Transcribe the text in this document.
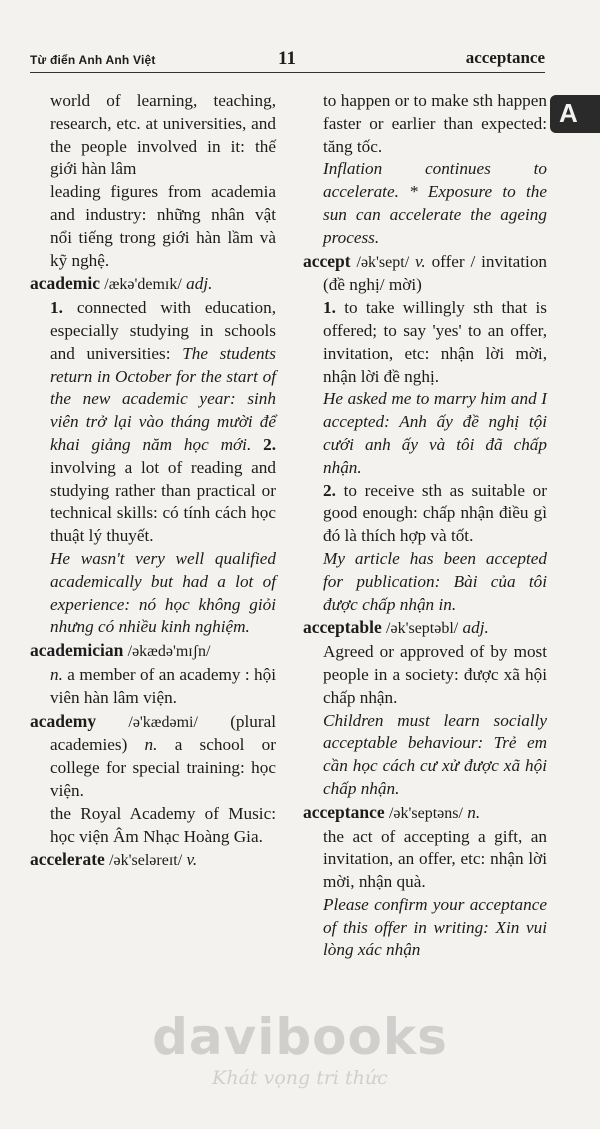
Từ điển Anh Anh Việt	11	acceptance
A

world of learning, teaching, research, etc. at universities, and the people involved in it: thế giới hàn lâm

leading figures from academia and industry: những nhân vật nổi tiếng trong giới hàn lầm và kỹ nghệ.

academic /ækə'demɪk/ adj.

1. connected with education, especially studying in schools and universities: The students return in October for the start of the new academic year: sinh viên trở lại vào tháng mười để khai giảng năm học mới. 2. involving a lot of reading and studying rather than practical or technical skills: có tính cách học thuật lý thuyết.

He wasn't very well qualified academically but had a lot of experience: nó học không giỏi nhưng có nhiều kinh nghiệm.

academician /əkædə'mɪʃn/

n. a member of an academy : hội viên hàn lâm viện.

academy /ə'kædəmi/ (plural academies) n. a school or college for special training: học viện.

the Royal Academy of Music: học viện Âm Nhạc Hoàng Gia.

accelerate /ək'seləreɪt/ v.

to happen or to make sth happen faster or earlier than expected: tăng tốc.

Inflation continues to accelerate. * Exposure to the sun can accelerate the ageing process.

accept /ək'sept/ v. offer / invitation (đề nghị/ mời)

1. to take willingly sth that is offered; to say 'yes' to an offer, invitation, etc: nhận lời mời, nhận lời đề nghị.

He asked me to marry him and I accepted: Anh ấy đề nghị tội cưới anh ấy và tôi đã chấp nhận.

2. to receive sth as suitable or good enough: chấp nhận điều gì đó là thích hợp và tốt.

My article has been accepted for publication: Bài của tôi được chấp nhận in.

acceptable /ək'septəbl/ adj.

Agreed or approved of by most people in a society: được xã hội chấp nhận.

Children must learn socially acceptable behaviour: Trẻ em cần học cách cư xử được xã hội chấp nhận.

acceptance /ək'septəns/ n.

the act of accepting a gift, an invitation, an offer, etc: nhận lời mời, nhận quà.

Please confirm your acceptance of this offer in writing: Xin vui lòng xác nhận

davibooks
Khát vọng tri thức
